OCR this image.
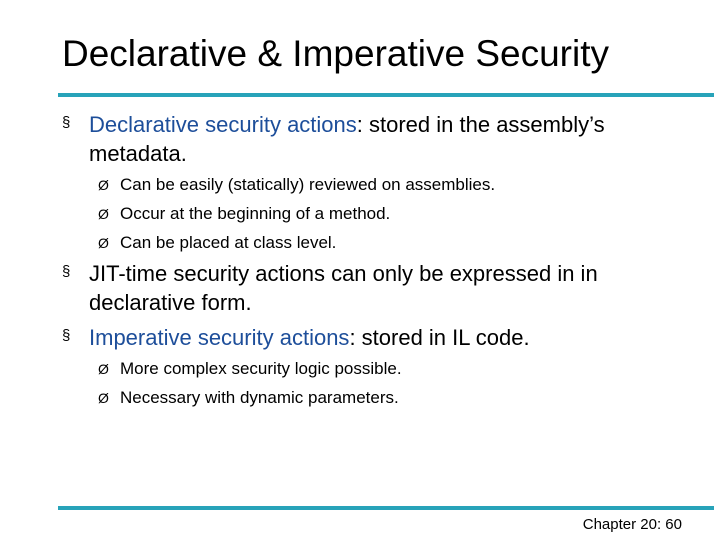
Declarative & Imperative Security
§ Declarative security actions: stored in the assembly’s metadata.
Ø Can be easily (statically) reviewed on assemblies.
Ø Occur at the beginning of a method.
Ø Can be placed at class level.
§ JIT-time security actions can only be expressed in in declarative form.
§ Imperative security actions: stored in IL code.
Ø More complex security logic possible.
Ø Necessary with dynamic parameters.
Chapter 20: 60
